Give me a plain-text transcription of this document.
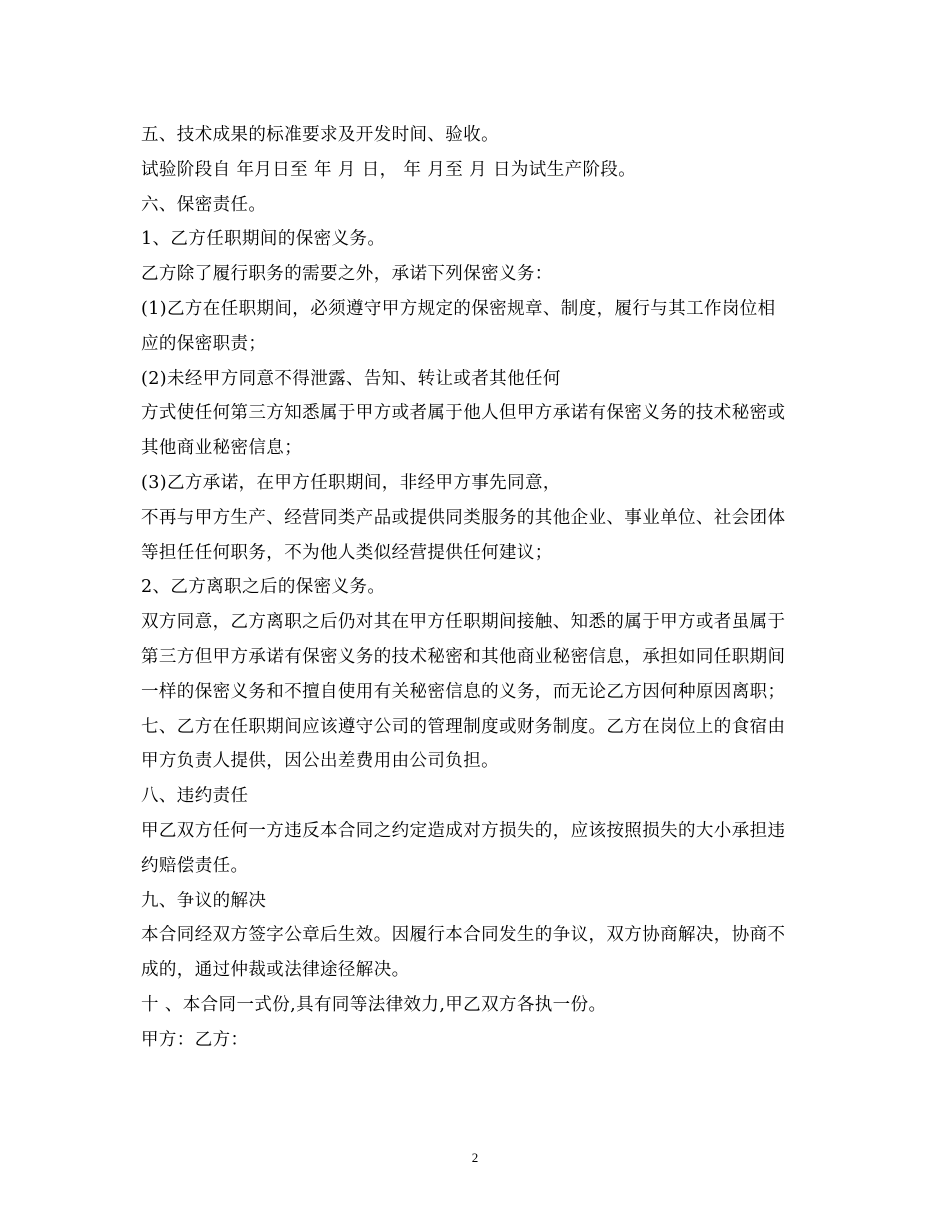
五、技术成果的标准要求及开发时间、验收。
试验阶段自 年月日至 年 月 日， 年 月至 月 日为试生产阶段。
六、保密责任。
1、乙方任职期间的保密义务。
乙方除了履行职务的需要之外，承诺下列保密义务：
(1)乙方在任职期间，必须遵守甲方规定的保密规章、制度，履行与其工作岗位相
应的保密职责；
(2)未经甲方同意不得泄露、告知、转让或者其他任何
方式使任何第三方知悉属于甲方或者属于他人但甲方承诺有保密义务的技术秘密或
其他商业秘密信息；
(3)乙方承诺，在甲方任职期间，非经甲方事先同意，
不再与甲方生产、经营同类产品或提供同类服务的其他企业、事业单位、社会团体
等担任任何职务，不为他人类似经营提供任何建议；
2、乙方离职之后的保密义务。
双方同意，乙方离职之后仍对其在甲方任职期间接触、知悉的属于甲方或者虽属于
第三方但甲方承诺有保密义务的技术秘密和其他商业秘密信息，承担如同任职期间
一样的保密义务和不擅自使用有关秘密信息的义务，而无论乙方因何种原因离职；
七、乙方在任职期间应该遵守公司的管理制度或财务制度。乙方在岗位上的食宿由
甲方负责人提供，因公出差费用由公司负担。
八、违约责任
甲乙双方任何一方违反本合同之约定造成对方损失的，应该按照损失的大小承担违
约赔偿责任。
九、争议的解决
本合同经双方签字公章后生效。因履行本合同发生的争议，双方协商解决，协商不
成的，通过仲裁或法律途径解决。
十 、本合同一式份,具有同等法律效力,甲乙双方各执一份。
甲方：乙方：
2
